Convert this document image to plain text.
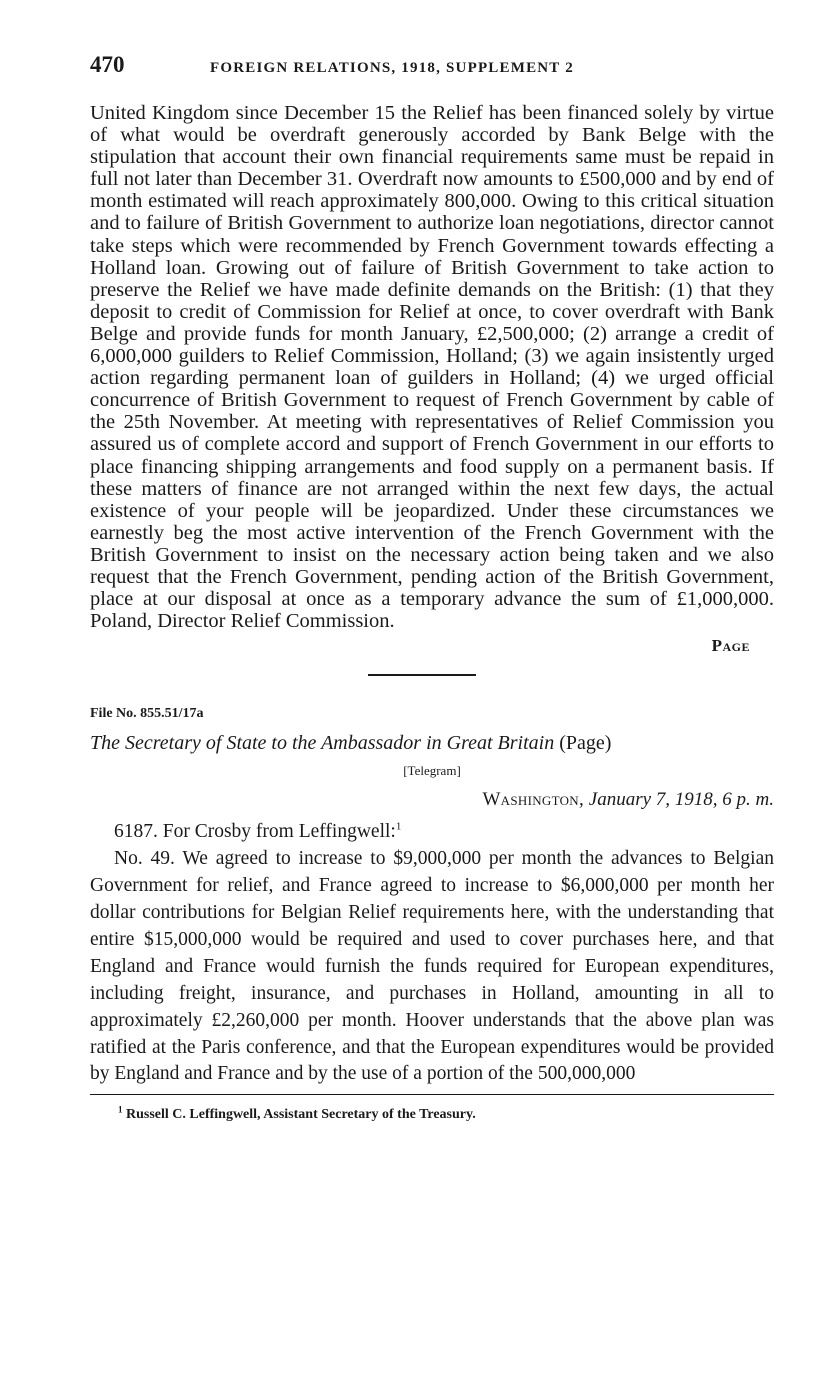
470	FOREIGN RELATIONS, 1918, SUPPLEMENT 2

United Kingdom since December 15 the Relief has been financed solely by virtue of what would be overdraft generously accorded by Bank Belge with the stipulation that account their own financial requirements same must be repaid in full not later than December 31. Overdraft now amounts to £500,000 and by end of month estimated will reach approximately 800,000. Owing to this critical situation and to failure of British Government to authorize loan negotiations, director cannot take steps which were recommended by French Government towards effecting a Holland loan. Growing out of failure of British Government to take action to preserve the Relief we have made definite demands on the British: (1) that they deposit to credit of Commission for Relief at once, to cover overdraft with Bank Belge and provide funds for month January, £2,500,000; (2) arrange a credit of 6,000,000 guilders to Relief Commission, Holland; (3) we again insistently urged action regarding permanent loan of guilders in Holland; (4) we urged official concurrence of British Government to request of French Government by cable of the 25th November. At meeting with representatives of Relief Commission you assured us of complete accord and support of French Government in our efforts to place financing shipping arrangements and food supply on a permanent basis. If these matters of finance are not arranged within the next few days, the actual existence of your people will be jeopardized. Under these circumstances we earnestly beg the most active intervention of the French Government with the British Government to insist on the necessary action being taken and we also request that the French Government, pending action of the British Government, place at our disposal at once as a temporary advance the sum of £1,000,000. Poland, Director Relief Commission.

Page
File No. 855.51/17a
The Secretary of State to the Ambassador in Great Britain (Page)
[Telegram]
Washington, January 7, 1918, 6 p. m.

6187. For Crosby from Leffingwell:$^1$

No. 49. We agreed to increase to $9,000,000 per month the advances to Belgian Government for relief, and France agreed to increase to $6,000,000 per month her dollar contributions for Belgian Relief requirements here, with the understanding that entire $15,000,000 would be required and used to cover purchases here, and that England and France would furnish the funds required for European expenditures, including freight, insurance, and purchases in Holland, amounting in all to approximately £2,260,000 per month. Hoover understands that the above plan was ratified at the Paris conference, and that the European expenditures would be provided by England and France and by the use of a portion of the 500,000,000

$^1$ Russell C. Leffingwell, Assistant Secretary of the Treasury.
